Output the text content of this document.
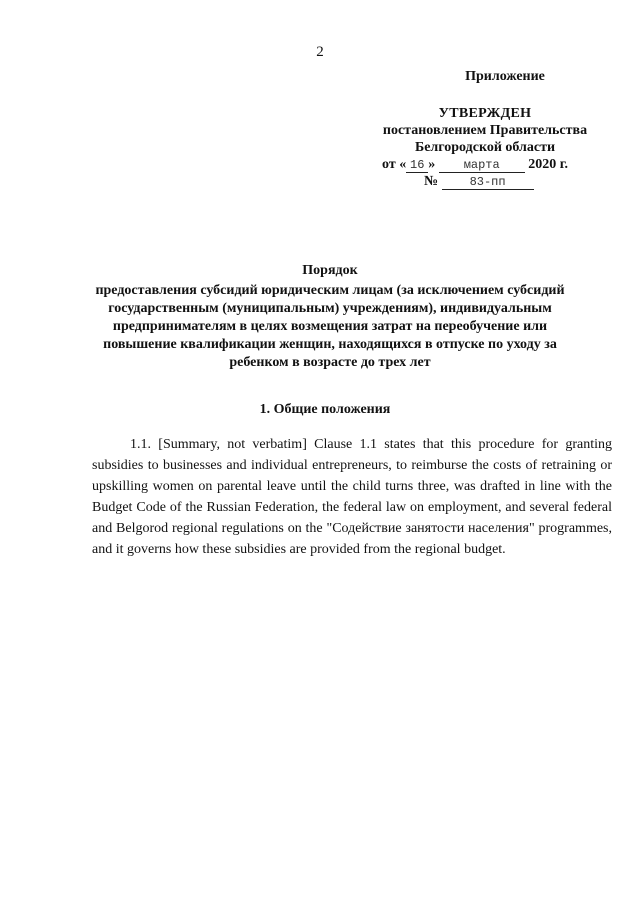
2
Приложение
УТВЕРЖДЕН
постановлением Правительства
Белгородской области
от « 16 » марта 2020 г.
№	83-пп
Порядок
предоставления субсидий юридическим лицам (за исключением субсидий государственным (муниципальным) учреждениям), индивидуальным предпринимателям в целях возмещения затрат на переобучение или повышение квалификации женщин, находящихся в отпуске по уходу за ребенком в возрасте до трех лет
1. Общие положения
1.1. [Summary, not verbatim] Clause 1.1 states that this procedure for granting subsidies to businesses and individual entrepreneurs, to reimburse the costs of retraining or upskilling women on parental leave until the child turns three, was drafted in line with the Budget Code of the Russian Federation, the federal law on employment, and several federal and Belgorod regional regulations on the "Содействие занятости населения" programmes, and it governs how these subsidies are provided from the regional budget.
